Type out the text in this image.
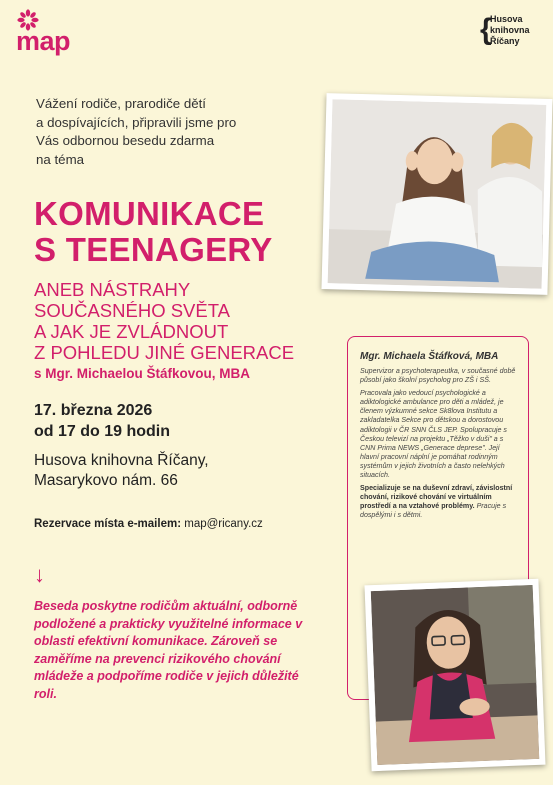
map	{
Husova
knihovna
Říčany
Vážení rodiče, prarodiče dětí
a dospívajících, připravili jsme pro
Vás odbornou besedu zdarma
na téma
KOMUNIKACE
S TEENAGERY
ANEB NÁSTRAHY
SOUČASNÉHO SVĚTA
A JAK JE ZVLÁDNOUT
Z POHLEDU JINÉ GENERACE
s Mgr. Michaelou Štáfkovou, MBA
17. března 2026
od 17 do 19 hodin
Husova knihovna Říčany,
Masarykovo nám. 66
Rezervace místa e-mailem: map@ricany.cz
↓
Beseda poskytne rodičům aktuální, odborně podložené a prakticky využitelné informace v oblasti efektivní komunikace. Zároveň se zaměříme na prevenci rizikového chování mládeže a podpoříme rodiče v jejich důležité roli.
Mgr. Michaela Štáfková, MBA

Supervizor a psychoterapeutka, v současné době působí jako školní psycholog pro ZŠ i SŠ.

Pracovala jako vedoucí psychologické a adiktologické ambulance pro děti a mládež, je členem výzkumné sekce Sk8lova Institutu a zakladatelka Sekce pro dětskou a dorostovou adiktologii v ČR SNN ČLS JEP. Spolupracuje s Českou televizí na projektu „Těžko v duši" a s CNN Prima NEWS „Generace deprese". Její hlavní pracovní náplní je pomáhat rodinným systémům v jejich životních a často nelehkých situacích.

Specializuje se na duševní zdraví, závislostní chování, rizikové chování ve virtuálním prostředí a na vztahové problémy. Pracuje s dospělými i s dětmi.
